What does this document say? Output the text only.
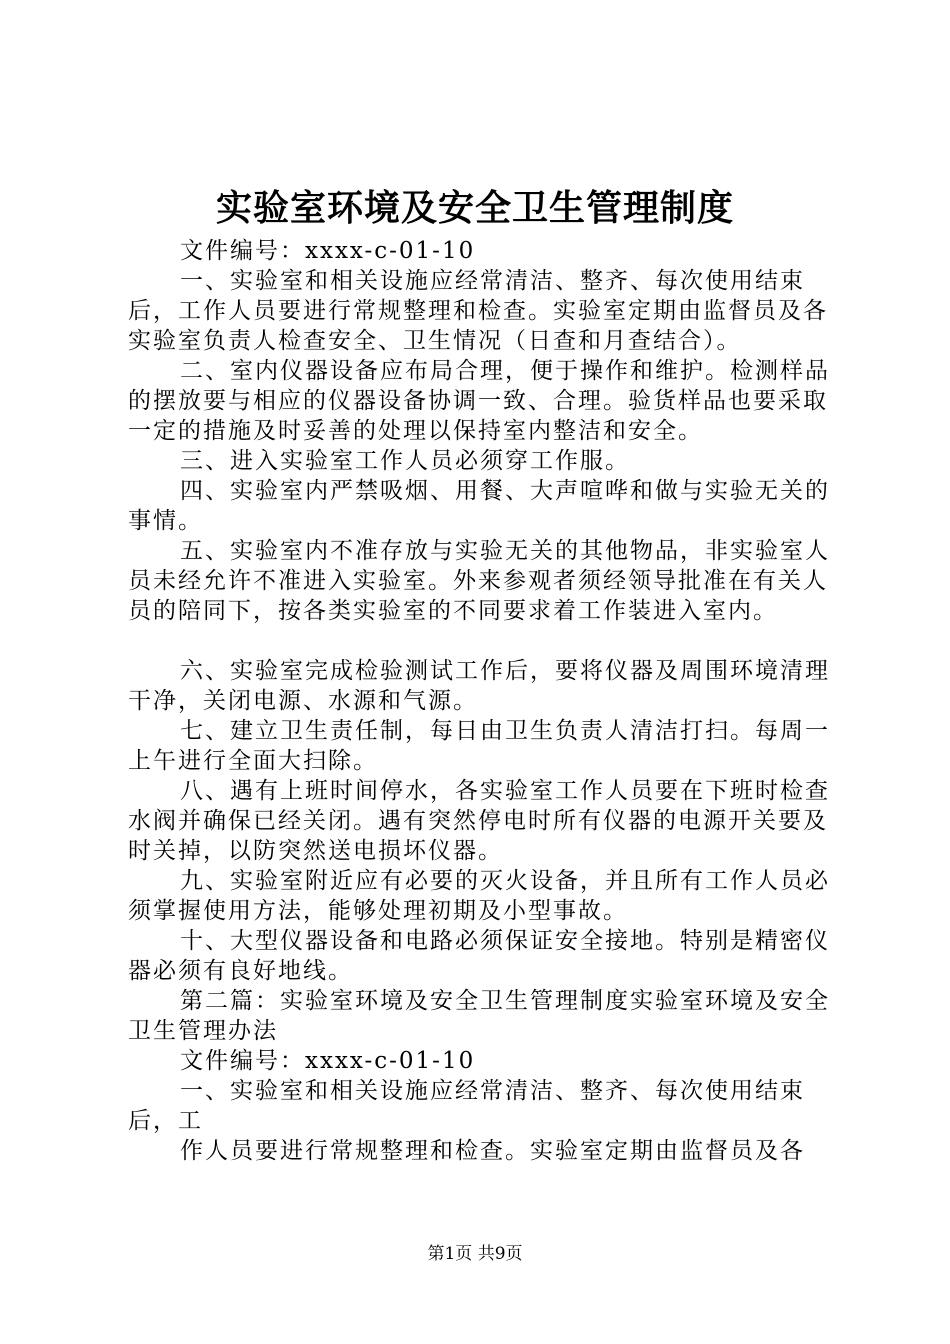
实验室环境及安全卫生管理制度

文件编号：xxxx-c-01-10

一、实验室和相关设施应经常清洁、整齐、每次使用结束后，工作人员要进行常规整理和检查。实验室定期由监督员及各实验室负责人检查安全、卫生情况（日查和月查结合）。

二、室内仪器设备应布局合理，便于操作和维护。检测样品的摆放要与相应的仪器设备协调一致、合理。验货样品也要采取一定的措施及时妥善的处理以保持室内整洁和安全。

三、进入实验室工作人员必须穿工作服。

四、实验室内严禁吸烟、用餐、大声喧哗和做与实验无关的事情。

五、实验室内不准存放与实验无关的其他物品，非实验室人员未经允许不准进入实验室。外来参观者须经领导批准在有关人员的陪同下，按各类实验室的不同要求着工作装进入室内。

六、实验室完成检验测试工作后，要将仪器及周围环境清理干净，关闭电源、水源和气源。

七、建立卫生责任制，每日由卫生负责人清洁打扫。每周一上午进行全面大扫除。

八、遇有上班时间停水，各实验室工作人员要在下班时检查水阀并确保已经关闭。遇有突然停电时所有仪器的电源开关要及时关掉，以防突然送电损坏仪器。

九、实验室附近应有必要的灭火设备，并且所有工作人员必须掌握使用方法，能够处理初期及小型事故。

十、大型仪器设备和电路必须保证安全接地。特别是精密仪器必须有良好地线。

第二篇：实验室环境及安全卫生管理制度实验室环境及安全卫生管理办法

文件编号：xxxx-c-01-10

一、实验室和相关设施应经常清洁、整齐、每次使用结束后，工

作人员要进行常规整理和检查。实验室定期由监督员及各

第1页 共9页
